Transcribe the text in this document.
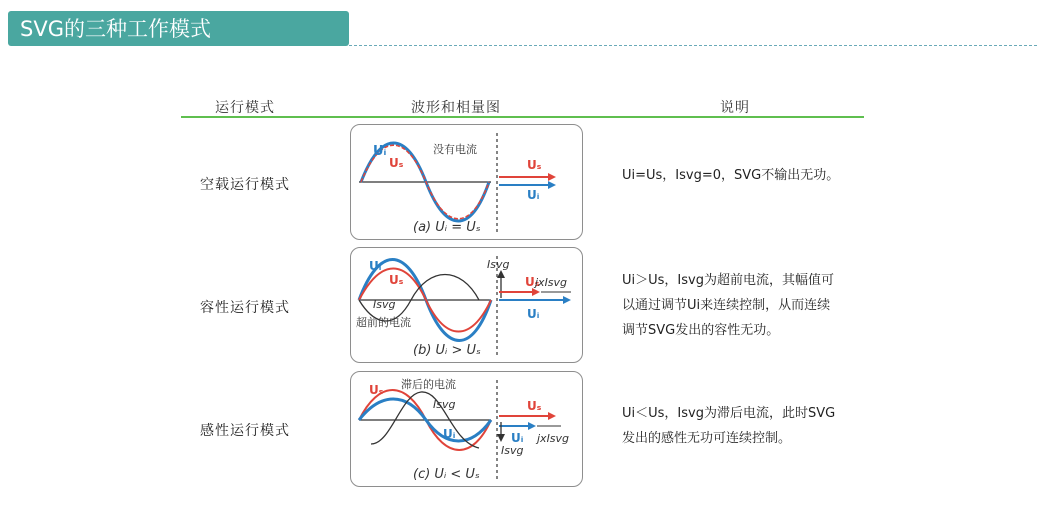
SVG的三种工作模式
运行模式	波形和相量图	说明
空载运行模式
Uᵢ
Uₛ
没有电流
Uₛ
Uᵢ
(a) Uᵢ = Uₛ
Ui=Us，Isvg=0，SVG不输出无功。
容性运行模式
Uᵢ
Uₛ
Isvg
超前的电流
Isvg
Uₛ
jxIsvg
Uᵢ
(b) Uᵢ > Uₛ
Ui＞Us，Isvg为超前电流，其幅值可
以通过调节Ui来连续控制，从而连续
调节SVG发出的容性无功。
感性运行模式
Uₛ 滞后的电流
Isvg
Uᵢ
Uₛ
Uᵢ jxIsvg
Isvg
(c) Uᵢ < Uₛ
Ui＜Us，Isvg为滞后电流，此时SVG
发出的感性无功可连续控制。
